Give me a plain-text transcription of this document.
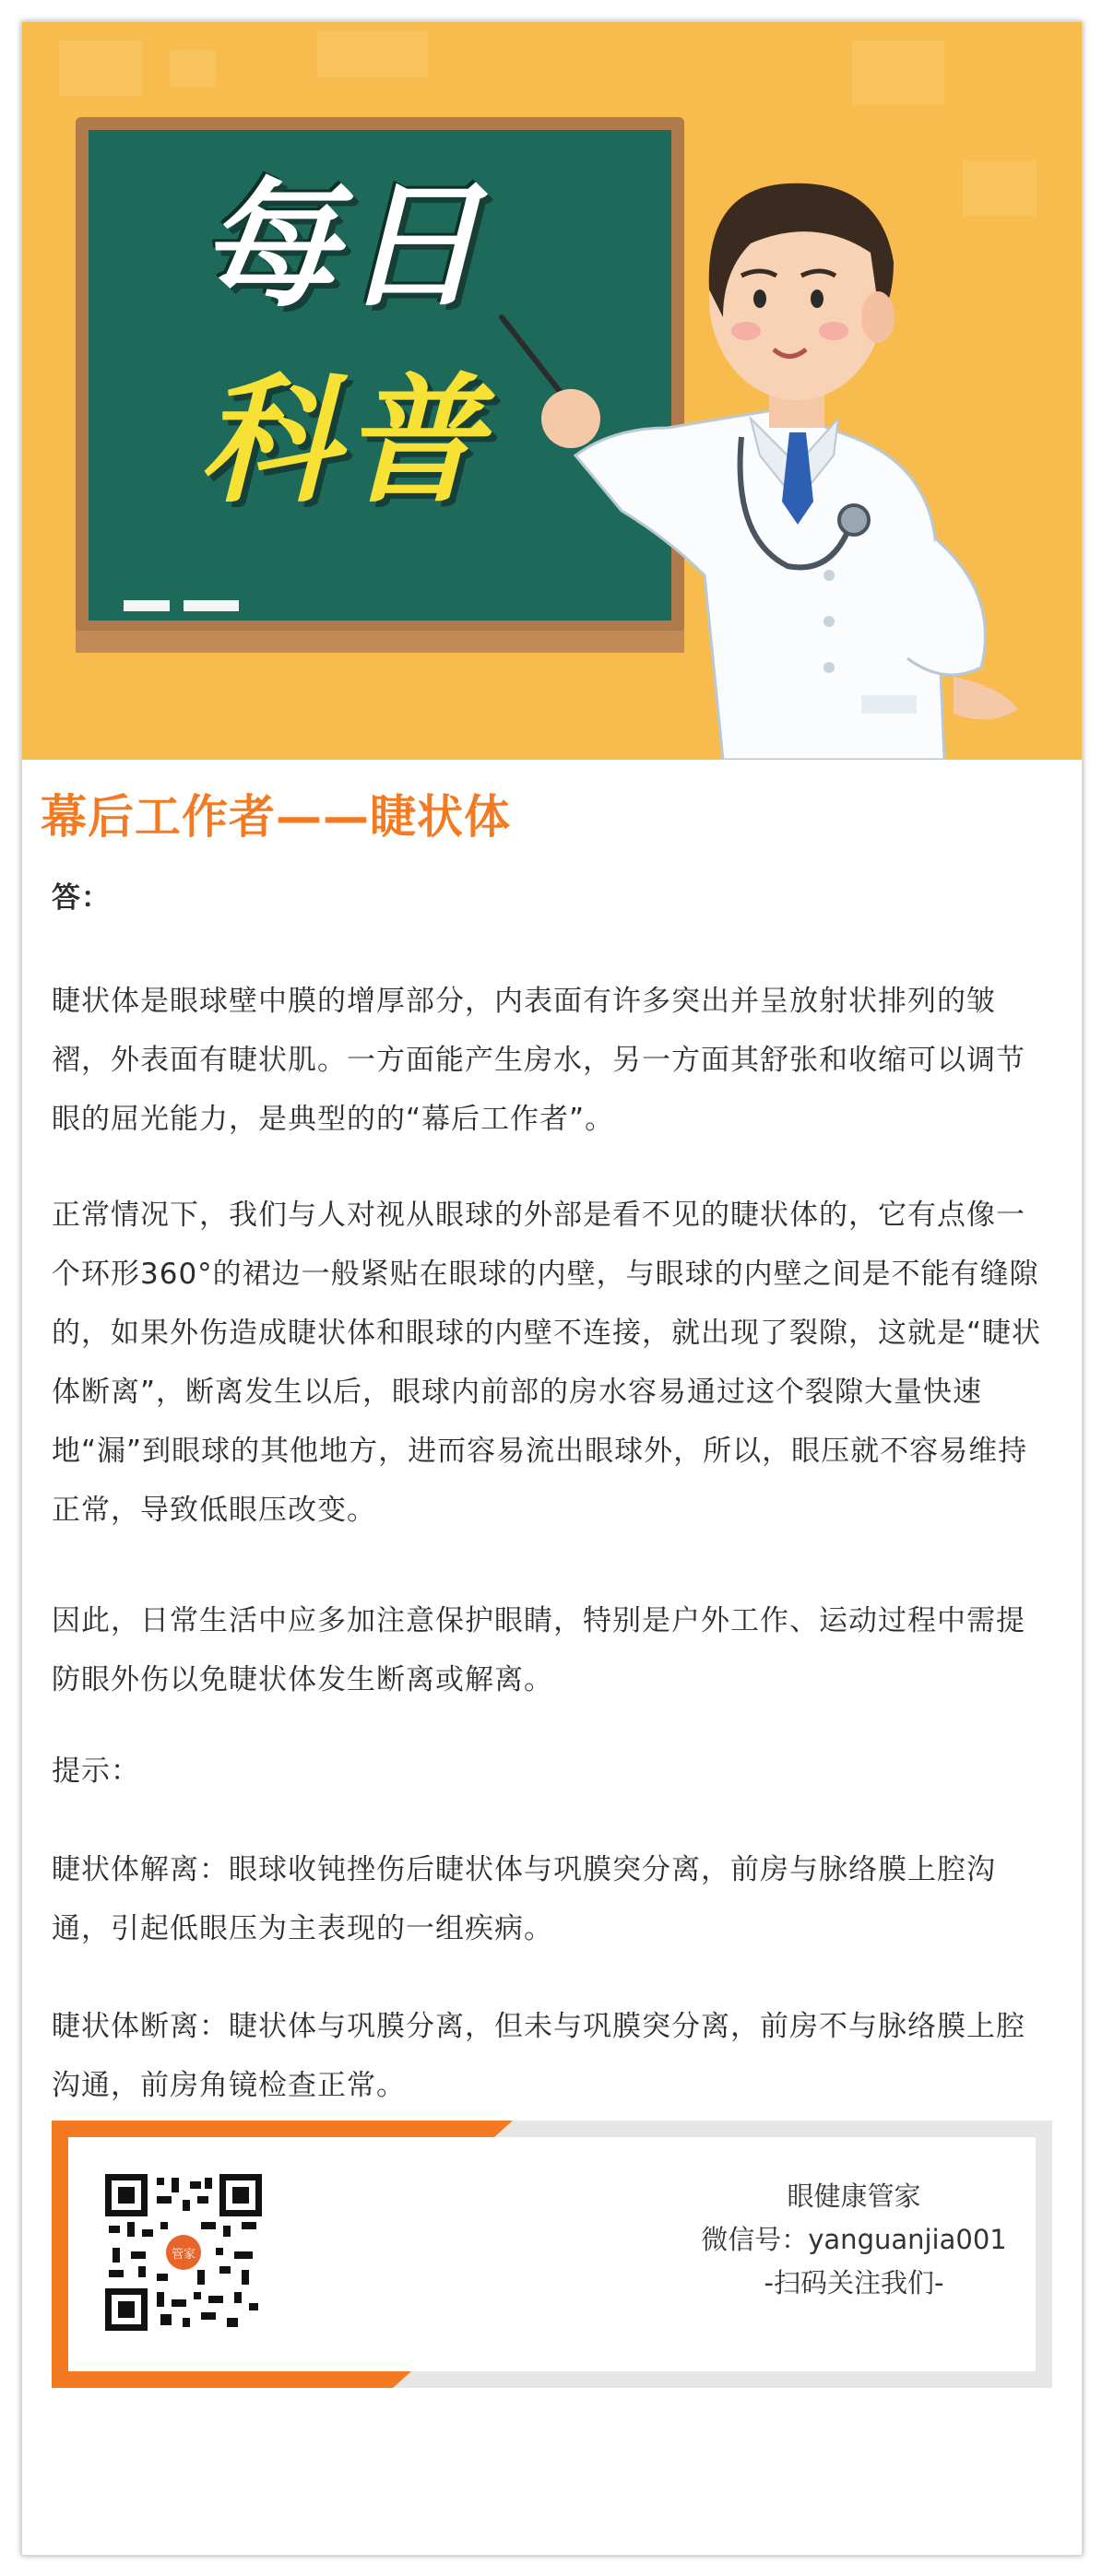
每日
科普
幕后工作者——睫状体
答：
睫状体是眼球壁中膜的增厚部分，内表面有许多突出并呈放射状排列的皱褶，外表面有睫状肌。一方面能产生房水，另一方面其舒张和收缩可以调节眼的屈光能力，是典型的的“幕后工作者”。
正常情况下，我们与人对视从眼球的外部是看不见的睫状体的，它有点像一个环形360°的裙边一般紧贴在眼球的内壁，与眼球的内壁之间是不能有缝隙的，如果外伤造成睫状体和眼球的内壁不连接，就出现了裂隙，这就是“睫状体断离”，断离发生以后，眼球内前部的房水容易通过这个裂隙大量快速地“漏”到眼球的其他地方，进而容易流出眼球外，所以，眼压就不容易维持正常，导致低眼压改变。
因此，日常生活中应多加注意保护眼睛，特别是户外工作、运动过程中需提防眼外伤以免睫状体发生断离或解离。
提示：
睫状体解离：眼球收钝挫伤后睫状体与巩膜突分离，前房与脉络膜上腔沟通，引起低眼压为主表现的一组疾病。
睫状体断离：睫状体与巩膜分离，但未与巩膜突分离，前房不与脉络膜上腔沟通，前房角镜检查正常。
管家
眼健康管家
微信号：yanguanjia001
-扫码关注我们-
